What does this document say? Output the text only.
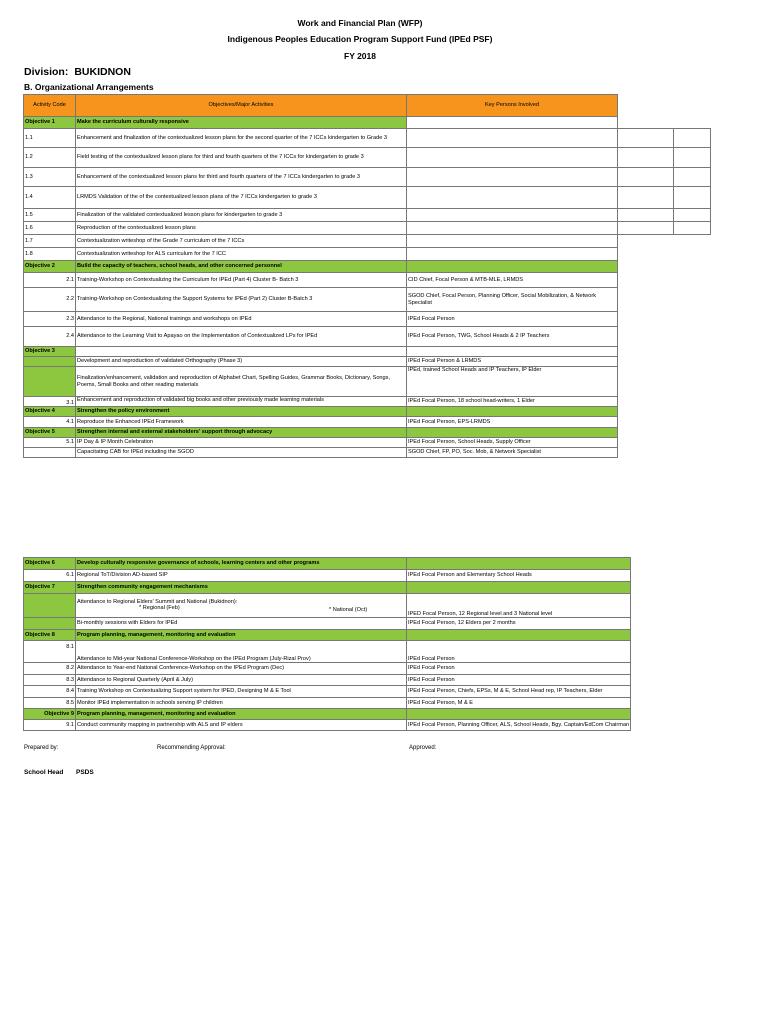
Work and Financial Plan (WFP)
Indigenous Peoples Education Program Support Fund (IPEd PSF)
FY 2018
Division: BUKIDNON
B. Organizational Arrangements
Activity Code	Objectives/Major Activities	Key Persons Involved		
Objective 1	Make the curriculum culturally responsive			
1.1	Enhancement and finalization of the contextualized lesson plans for the second quarter of the 7 ICCs kindergarten to Grade 3			
1.2	Field testing of the contextualized lesson plans for third and fourth quarters of the 7 ICCs for kindergarten to grade 3			
1.3	Enhancement of the contextualized lesson plans for third and fourth quarters of the 7 ICCs kindergarten to grade 3			
1.4	LRMDS Validation of the of the contextualized lesson plans of the 7 ICCs kindergarten to grade 3			
1.5	Finalization of the validated contextualized lesson plans for kindergarten to grade 3			
1.6	Reproduction of the contextualized lesson plans			
1.7	Contextualization writeshop of the Grade 7 curriculum of the 7 ICCs			
1.8	Contextualization writeshop for ALS curriculum for the 7 ICC			
Objective 2	Build the capacity of teachers, school heads, and other concerned personnel			
2.1	Training-Workshop on Contextualizing the Curriculum for IPEd (Part 4) Cluster B- Batch 3	CID Chief, Focal Person & MTB-MLE, LRMDS		
2.2	Training-Workshop on Contextualizing the Support Systems for IPEd (Part 2) Cluster B-Batch 3	SGOD Chief, Focal Person, Planning Officer, Social Mobilization, & Network Specialist		
2.3	Attendance to the Regional, National trainings and workshops on IPEd	IPEd Focal Person		
2.4	Attendance to the Learning Visit to Apayao on the Implementation of Contextualized LPs for IPEd	IPEd Focal Person, TWG, School Heads & 2 IP Teachers		
Objective 3				
	Development and reproduction of validated Orthography (Phase 3)	IPEd Focal Person & LRMDS		
	Finalization/enhancement, validation and reproduction of Alphabet Chart, Spelling Guides, Grammar Books, Dictionary, Songs, Poems, Small Books and other reading materials	IPEd, trained School Heads and IP Teachers, IP Elder		
3.1	Enhancement and reproduction of validated big books and other previously made learning materials	IPEd Focal Person, 18 school head-writers, 1 Elder		
Objective 4	Strengthen the policy environment			
4.1	Reproduce the Enhanced IPEd Framework	IPEd Focal Person, EPS-LRMDS		
Objective 5	Strengthen internal and external stakeholders' support through advocacy			
5.1	IP Day & IP Month Celebration	IPEd Focal Person, School Heads, Supply Officer		
	Capacitating CAB for IPEd including the SGOD	SGOD Chief, FP, PO, Soc. Mob, & Network Specialist		
Objective 6	Develop culturally responsive governance of schools, learning centers and other programs	
6.1	Regional ToT/Division AD-based SIP	IPEd Focal Person and Elementary School Heads
Objective 7	Strengthen community engagement mechanisms	

	Attendance to Regional Elders' Summit and National (Bukidnon):
* Regional (Feb) * National (Oct)	IPED Focal Person, 12 Regional level and 3 National level
	Bi-monthly sessions with Elders for IPEd	IPEd Focal Person, 12 Elders per 2 months
Objective 8	Program planning, management, monitoring and evaluation	
8.1	Attendance to Mid-year National Conference-Workshop on the IPEd Program (July-Rizal Prov)	IPEd Focal Person
8.2	Attendance to Year-end National Conference-Workshop on the IPEd Program (Dec)	IPEd Focal Person
8.3	Attendance to Regional Quarterly (April & July)	IPEd Focal Person
8.4	Training Workshop on Contextualizing Support system for IPED, Designing M & E Tool	IPEd Focal Person, Chiefs, EPSs, M & E, School Head rep, IP Teachers, Elder
8.5	Monitor IPEd implementation in schools serving IP children	IPEd Focal Person, M & E
Objective 9	Program planning, management, monitoring and evaluation	
9.1	Conduct community mapping in partnership with ALS and IP elders	IPEd Focal Person, Planning Officer, ALS, School Heads, Bgy. Captain/EdCom Chairman
Prepared by:	Recommending Approval:	Approved:
School Head PSDS
